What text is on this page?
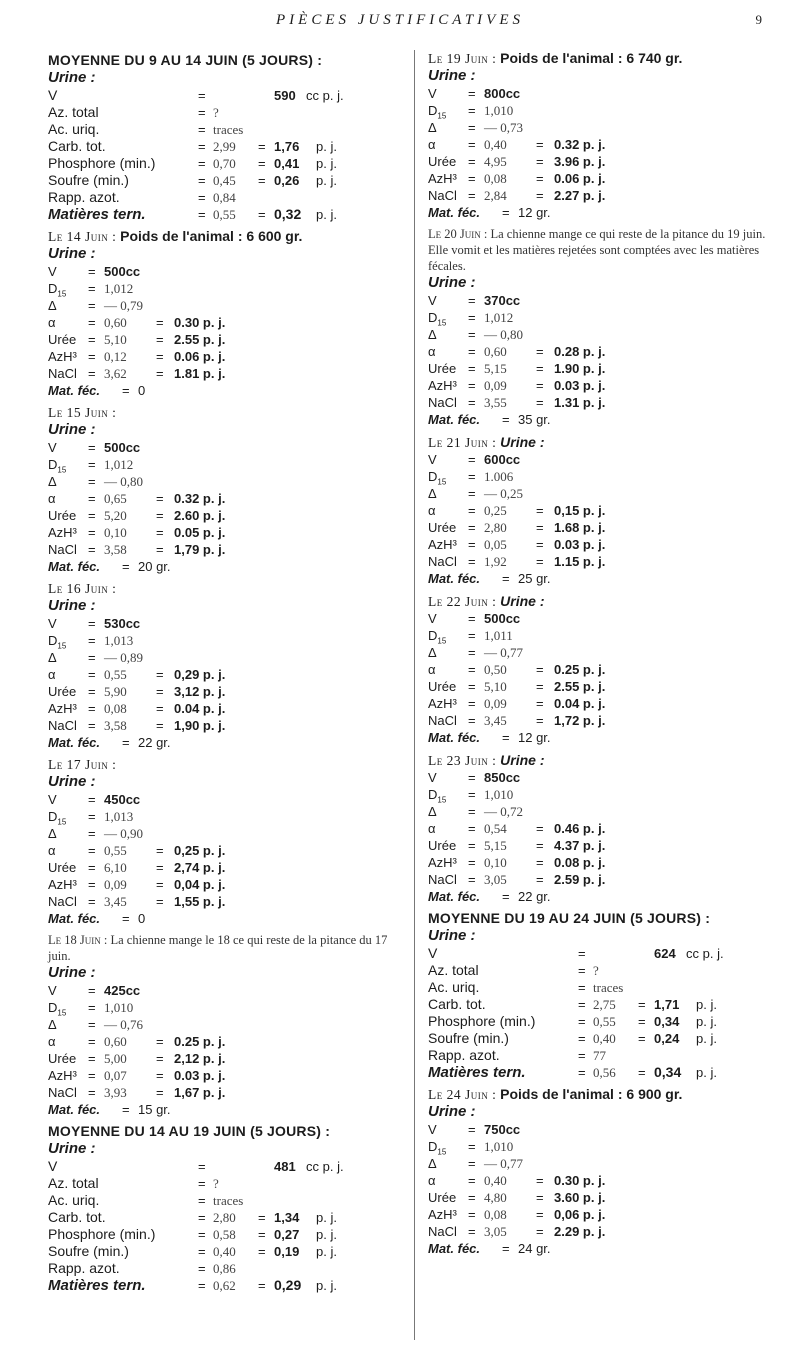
PIÈCES JUSTIFICATIVES	9
MOYENNE DU 9 AU 14 JUIN (5 JOURS) :
Urine :
V	=	590 cc p. j.
Az. total	= ?
Ac. uriq.	= traces
Carb. tot.	= 2,99 = 1,76 p. j.
Phosphore (min.)	= 0,70 = 0,41 p. j.
Soufre (min.)	= 0,45 = 0,26 p. j.
Rapp. azot.	= 0,84
Matières tern.	= 0,55 = 0,32 p. j.
Le 14 Juin : Poids de l'animal : 6 600 gr.
Urine :
V = 500cc
$D_{15} = 1,012$
Δ = — 0,79
α = 0,60 = 0.30 p. j.
Urée = 5,10 = 2.55 p. j.
AzH³ = 0,12 = 0.06 p. j.
NaCl = 3,62 = 1.81 p. j.
Mat. féc. = 0
Le 15 Juin :
Urine :
V = 500cc
$D_{15} = 1,012$
Δ = — 0,80
α = 0,65 = 0.32 p. j.
Urée = 5,20 = 2.60 p. j.
AzH³ = 0,10 = 0.05 p. j.
NaCl = 3,58 = 1,79 p. j.
Mat. féc. = 20 gr.
Le 16 Juin :
Urine :
V = 530cc
$D_{15} = 1,013$
Δ = — 0,89
α = 0,55 = 0,29 p. j.
Urée = 5,90 = 3,12 p. j.
AzH³ = 0,08 = 0.04 p. j.
NaCl = 3,58 = 1,90 p. j.
Mat. féc. = 22 gr.
Le 17 Juin :
Urine :
V = 450cc
$D_{15} = 1,013$
Δ = — 0,90
α = 0,55 = 0,25 p. j.
Urée = 6,10 = 2,74 p. j.
AzH³ = 0,09 = 0,04 p. j.
NaCl = 3,45 = 1,55 p. j.
Mat. féc. = 0
Le 18 Juin : La chienne mange le 18 ce qui reste de la pitance du 17 juin.
Urine :
V = 425cc
$D_{15} = 1,010$
Δ = — 0,76
α = 0,60 = 0.25 p. j.
Urée = 5,00 = 2,12 p. j.
AzH³ = 0,07 = 0.03 p. j.
NaCl = 3,93 = 1,67 p. j.
Mat. féc. = 15 gr.
MOYENNE DU 14 AU 19 JUIN (5 JOURS) :
Urine :
V	=	481 cc p. j.
Az. total	= ?
Ac. uriq.	= traces
Carb. tot.	= 2,80 = 1,34 p. j.
Phosphore (min.)	= 0,58 = 0,27 p. j.
Soufre (min.)	= 0,40 = 0,19 p. j.
Rapp. azot.	= 0,86
Matières tern.	= 0,62 = 0,29 p. j.
Le 19 Juin : Poids de l'animal : 6 740 gr.
Urine :
V = 800cc
$D_{15} = 1,010$
Δ = — 0,73
α = 0,40 = 0.32 p. j.
Urée = 4,95 = 3.96 p. j.
AzH³ = 0,08 = 0.06 p. j.
NaCl = 2,84 = 2.27 p. j.
Mat. féc. = 12 gr.
Le 20 Juin : La chienne mange ce qui reste de la pitance du 19 juin. Elle vomit et les matières rejetées sont comptées avec les matières fécales.
Urine :
V = 370cc
$D_{15} = 1,012$
Δ = — 0,80
α = 0,60 = 0.28 p. j.
Urée = 5,15 = 1.90 p. j.
AzH³ = 0,09 = 0.03 p. j.
NaCl = 3,55 = 1.31 p. j.
Mat. féc. = 35 gr.
Le 21 Juin : Urine :
V = 600cc
$D_{15} = 1.006$
Δ = — 0,25
α = 0,25 = 0,15 p. j.
Urée = 2,80 = 1.68 p. j.
AzH³ = 0,05 = 0.03 p. j.
NaCl = 1,92 = 1.15 p. j.
Mat. féc. = 25 gr.
Le 22 Juin : Urine :
V = 500cc
$D_{15} = 1,011$
Δ = — 0,77
α = 0,50 = 0.25 p. j.
Urée = 5,10 = 2.55 p. j.
AzH³ = 0,09 = 0.04 p. j.
NaCl = 3,45 = 1,72 p. j.
Mat. féc. = 12 gr.
Le 23 Juin : Urine :
V = 850cc
$D_{15} = 1,010$
Δ = — 0,72
α = 0,54 = 0.46 p. j.
Urée = 5,15 = 4.37 p. j.
AzH³ = 0,10 = 0.08 p. j.
NaCl = 3,05 = 2.59 p. j.
Mat. féc. = 22 gr.
MOYENNE DU 19 AU 24 JUIN (5 JOURS) :
Urine :
V	=	624 cc p. j.
Az. total	= ?
Ac. uriq.	= traces
Carb. tot.	= 2,75 = 1,71 p. j.
Phosphore (min.)	= 0,55 = 0,34 p. j.
Soufre (min.)	= 0,40 = 0,24 p. j.
Rapp. azot.	= 77
Matières tern.	= 0,56 = 0,34 p. j.
Le 24 Juin : Poids de l'animal : 6 900 gr.
Urine :
V = 750cc
$D_{15} = 1,010$
Δ = — 0,77
α = 0,40 = 0.30 p. j.
Urée = 4,80 = 3.60 p. j.
AzH³ = 0,08 = 0,06 p. j.
NaCl = 3,05 = 2.29 p. j.
Mat. féc. = 24 gr.
